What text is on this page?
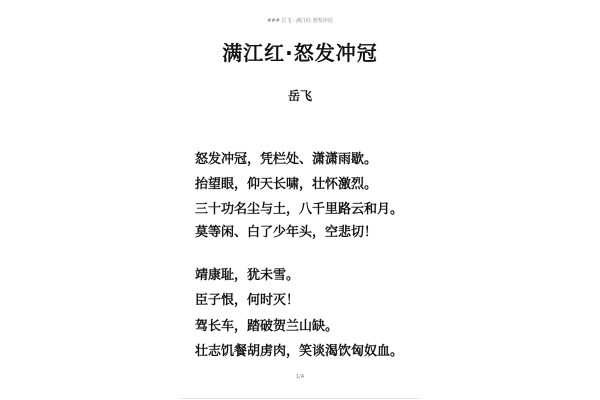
### 岳飞 · 满江红·怒发冲冠
满江红·怒发冲冠
岳飞
怒发冲冠，凭栏处、潇潇雨歇。
抬望眼，仰天长啸，壮怀激烈。
三十功名尘与土，八千里路云和月。
莫等闲、白了少年头，空悲切！
靖康耻，犹未雪。
臣子恨，何时灭！
驾长车，踏破贺兰山缺。
壮志饥餐胡虏肉，笑谈渴饮匈奴血。
1/4
